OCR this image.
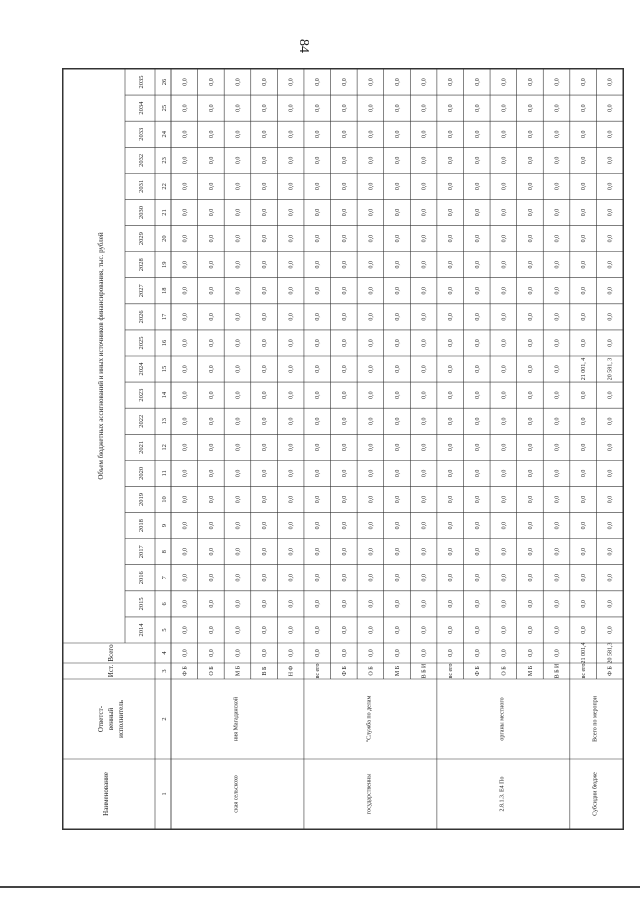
84
Наименование
Ответст- венный исполнитель
Ист.
Всего
Объем бюджетных ассигнований и иных источников финансирования, тыс. рублей
2014
2015
2016
2017
2018
2019
2020
2021
2022
2023
2024
2025
2026
2027
2028
2029
2030
2031
2032
2033
2034
2035
1
2
3
4
5
6
7
8
9
10
11
12
13
14
15
16
17
18
19
20
21
22
23
24
25
26
Ф Б
0,0
0,0
0,0
0,0
0,0
0,0
0,0
0,0
0,0
0,0
0,0
0,0
0,0
0,0
0,0
0,0
0,0
0,0
0,0
0,0
0,0
0,0
0,0
О Б
0,0
0,0
0,0
0,0
0,0
0,0
0,0
0,0
0,0
0,0
0,0
0,0
0,0
0,0
0,0
0,0
0,0
0,0
0,0
0,0
0,0
0,0
0,0
М Б
0,0
0,0
0,0
0,0
0,0
0,0
0,0
0,0
0,0
0,0
0,0
0,0
0,0
0,0
0,0
0,0
0,0
0,0
0,0
0,0
0,0
0,0
0,0
В Б
0,0
0,0
0,0
0,0
0,0
0,0
0,0
0,0
0,0
0,0
0,0
0,0
0,0
0,0
0,0
0,0
0,0
0,0
0,0
0,0
0,0
0,0
0,0
Н Ф
0,0
0,0
0,0
0,0
0,0
0,0
0,0
0,0
0,0
0,0
0,0
0,0
0,0
0,0
0,0
0,0
0,0
0,0
0,0
0,0
0,0
0,0
0,0
вс его
0,0
0,0
0,0
0,0
0,0
0,0
0,0
0,0
0,0
0,0
0,0
0,0
0,0
0,0
0,0
0,0
0,0
0,0
0,0
0,0
0,0
0,0
0,0
Ф Б
0,0
0,0
0,0
0,0
0,0
0,0
0,0
0,0
0,0
0,0
0,0
0,0
0,0
0,0
0,0
0,0
0,0
0,0
0,0
0,0
0,0
0,0
0,0
О Б
0,0
0,0
0,0
0,0
0,0
0,0
0,0
0,0
0,0
0,0
0,0
0,0
0,0
0,0
0,0
0,0
0,0
0,0
0,0
0,0
0,0
0,0
0,0
М Б
0,0
0,0
0,0
0,0
0,0
0,0
0,0
0,0
0,0
0,0
0,0
0,0
0,0
0,0
0,0
0,0
0,0
0,0
0,0
0,0
0,0
0,0
0,0
В Б И
0,0
0,0
0,0
0,0
0,0
0,0
0,0
0,0
0,0
0,0
0,0
0,0
0,0
0,0
0,0
0,0
0,0
0,0
0,0
0,0
0,0
0,0
0,0
вс его
0,0
0,0
0,0
0,0
0,0
0,0
0,0
0,0
0,0
0,0
0,0
0,0
0,0
0,0
0,0
0,0
0,0
0,0
0,0
0,0
0,0
0,0
0,0
Ф Б
0,0
0,0
0,0
0,0
0,0
0,0
0,0
0,0
0,0
0,0
0,0
0,0
0,0
0,0
0,0
0,0
0,0
0,0
0,0
0,0
0,0
0,0
0,0
О Б
0,0
0,0
0,0
0,0
0,0
0,0
0,0
0,0
0,0
0,0
0,0
0,0
0,0
0,0
0,0
0,0
0,0
0,0
0,0
0,0
0,0
0,0
0,0
М Б
0,0
0,0
0,0
0,0
0,0
0,0
0,0
0,0
0,0
0,0
0,0
0,0
0,0
0,0
0,0
0,0
0,0
0,0
0,0
0,0
0,0
0,0
0,0
В Б И
0,0
0,0
0,0
0,0
0,0
0,0
0,0
0,0
0,0
0,0
0,0
0,0
0,0
0,0
0,0
0,0
0,0
0,0
0,0
0,0
0,0
0,0
0,0
вс его
21 001,4
0,0
0,0
0,0
0,0
0,0
0,0
0,0
0,0
0,0
0,0
21 001, 4
0,0
0,0
0,0
0,0
0,0
0,0
0,0
0,0
0,0
0,0
0,0
Ф Б
20 581,3
0,0
0,0
0,0
0,0
0,0
0,0
0,0
0,0
0,0
0,0
20 581, 3
0,0
0,0
0,0
0,0
0,0
0,0
0,0
0,0
0,0
0,0
0,0
ская сельскохо
ния Магаданской
государственны
"Служба по делам
2.8.1.3. Е4 По
органы местного
Субсидии бюдже
Всего по меропри
